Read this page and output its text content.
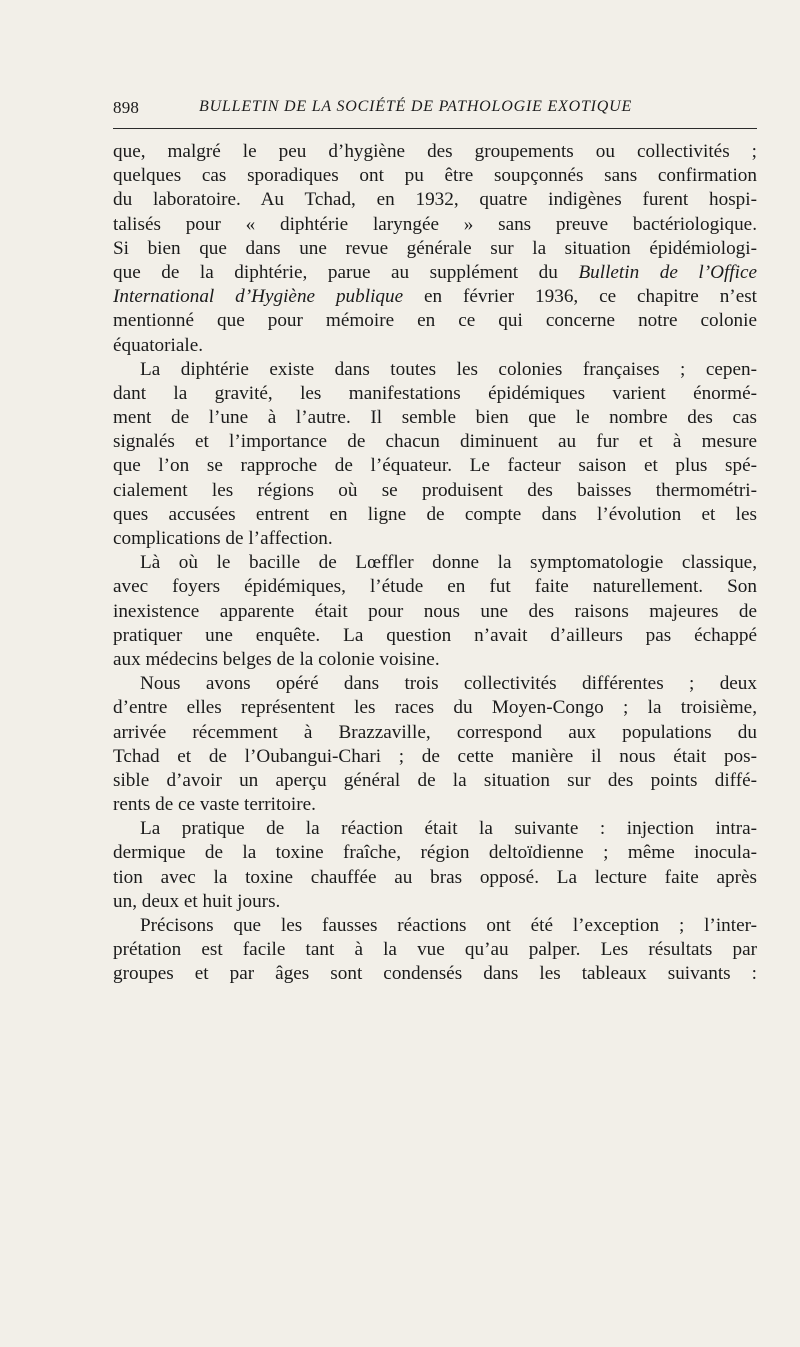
898	BULLETIN DE LA SOCIÉTÉ DE PATHOLOGIE EXOTIQUE
que, malgré le peu d’hygiène des groupements ou collectivités ;
quelques cas sporadiques ont pu être soupçonnés sans confirmation
du laboratoire. Au Tchad, en 1932, quatre indigènes furent hospi-
talisés pour « diphtérie laryngée » sans preuve bactériologique.
Si bien que dans une revue générale sur la situation épidémiologi-
que de la diphtérie, parue au supplément du Bulletin de l’Office
International d’Hygiène publique en février 1936, ce chapitre n’est
mentionné que pour mémoire en ce qui concerne notre colonie
équatoriale.
La diphtérie existe dans toutes les colonies françaises ; cepen-
dant la gravité, les manifestations épidémiques varient énormé-
ment de l’une à l’autre. Il semble bien que le nombre des cas
signalés et l’importance de chacun diminuent au fur et à mesure
que l’on se rapproche de l’équateur. Le facteur saison et plus spé-
cialement les régions où se produisent des baisses thermométri-
ques accusées entrent en ligne de compte dans l’évolution et les
complications de l’affection.
Là où le bacille de Lœffler donne la symptomatologie classique,
avec foyers épidémiques, l’étude en fut faite naturellement. Son
inexistence apparente était pour nous une des raisons majeures de
pratiquer une enquête. La question n’avait d’ailleurs pas échappé
aux médecins belges de la colonie voisine.
Nous avons opéré dans trois collectivités différentes ; deux
d’entre elles représentent les races du Moyen-Congo ; la troisième,
arrivée récemment à Brazzaville, correspond aux populations du
Tchad et de l’Oubangui-Chari ; de cette manière il nous était pos-
sible d’avoir un aperçu général de la situation sur des points diffé-
rents de ce vaste territoire.
La pratique de la réaction était la suivante : injection intra-
dermique de la toxine fraîche, région deltoïdienne ; même inocula-
tion avec la toxine chauffée au bras opposé. La lecture faite après
un, deux et huit jours.
Précisons que les fausses réactions ont été l’exception ; l’inter-
prétation est facile tant à la vue qu’au palper. Les résultats par
groupes et par âges sont condensés dans les tableaux suivants :
